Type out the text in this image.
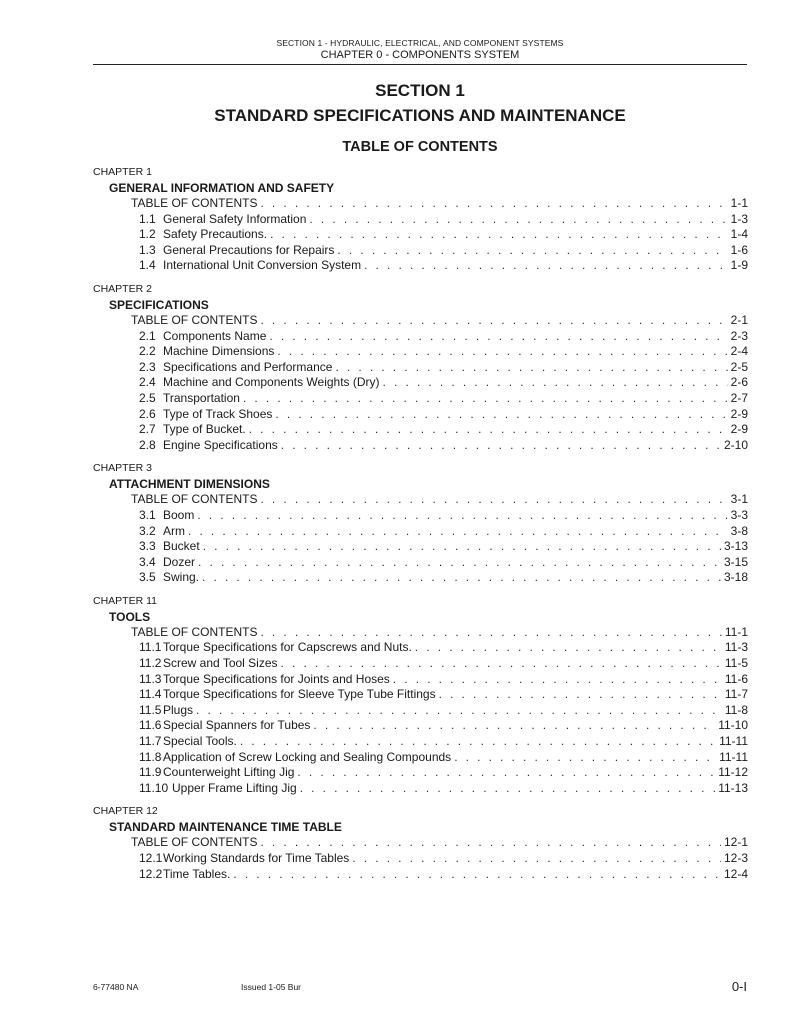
SECTION 1 - HYDRAULIC, ELECTRICAL, AND COMPONENT SYSTEMS
CHAPTER 0 - COMPONENTS SYSTEM
SECTION 1
STANDARD SPECIFICATIONS AND MAINTENANCE
TABLE OF CONTENTS
CHAPTER 1
GENERAL INFORMATION AND SAFETY
TABLE OF CONTENTS . . .	1-1
1.1 General Safety Information . . .	1-3
1.2 Safety Precautions. . . .	1-4
1.3 General Precautions for Repairs . . .	1-6
1.4 International Unit Conversion System . . .	1-9
CHAPTER 2
SPECIFICATIONS
TABLE OF CONTENTS . . .	2-1
2.1 Components Name . . .	2-3
2.2 Machine Dimensions . . .	2-4
2.3 Specifications and Performance . . .	2-5
2.4 Machine and Components Weights (Dry) . . .	2-6
2.5 Transportation . . .	2-7
2.6 Type of Track Shoes . . .	2-9
2.7 Type of Bucket. . . .	2-9
2.8 Engine Specifications . . .	2-10
CHAPTER 3
ATTACHMENT DIMENSIONS
TABLE OF CONTENTS . . .	3-1
3.1 Boom . . .	3-3
3.2 Arm . . .	3-8
3.3 Bucket . . .	3-13
3.4 Dozer . . .	3-15
3.5 Swing. . . .	3-18
CHAPTER 11
TOOLS
TABLE OF CONTENTS . . .	11-1
11.1 Torque Specifications for Capscrews and Nuts. . . .	11-3
11.2 Screw and Tool Sizes . . .	11-5
11.3 Torque Specifications for Joints and Hoses . . .	11-6
11.4 Torque Specifications for Sleeve Type Tube Fittings . . .	11-7
11.5 Plugs . . .	11-8
11.6 Special Spanners for Tubes . . .	11-10
11.7 Special Tools. . . .	11-11
11.8 Application of Screw Locking and Sealing Compounds . . .	11-11
11.9 Counterweight Lifting Jig . . .	11-12
11.10 Upper Frame Lifting Jig . . .	11-13
CHAPTER 12
STANDARD MAINTENANCE TIME TABLE
TABLE OF CONTENTS . . .	12-1
12.1 Working Standards for Time Tables . . .	12-3
12.2 Time Tables. . . .	12-4
6-77480 NA	Issued 1-05 Bur	0-I
